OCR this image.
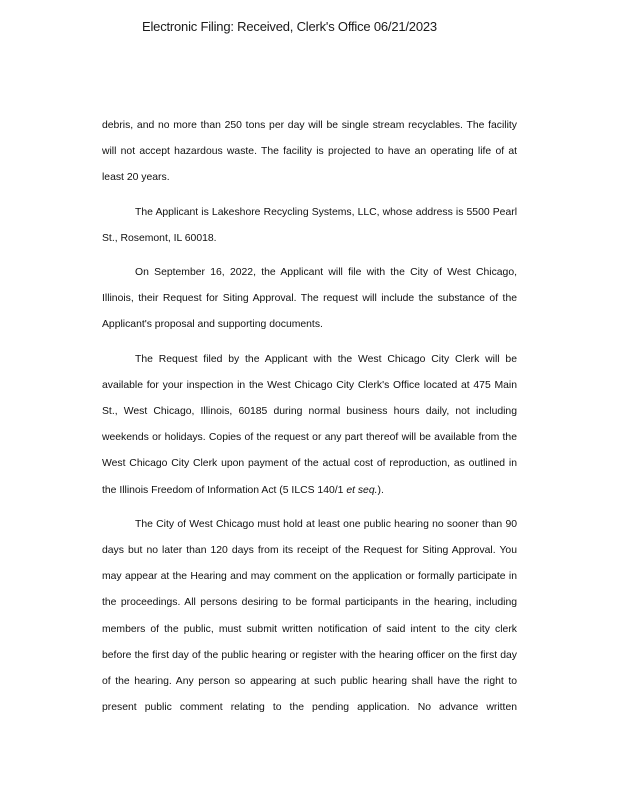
Electronic Filing: Received, Clerk's Office 06/21/2023

debris, and no more than 250 tons per day will be single stream recyclables. The facility will not accept hazardous waste. The facility is projected to have an operating life of at least 20 years.

The Applicant is Lakeshore Recycling Systems, LLC, whose address is 5500 Pearl St., Rosemont, IL 60018.

On September 16, 2022, the Applicant will file with the City of West Chicago, Illinois, their Request for Siting Approval. The request will include the substance of the Applicant's proposal and supporting documents.

The Request filed by the Applicant with the West Chicago City Clerk will be available for your inspection in the West Chicago City Clerk's Office located at 475 Main St., West Chicago, Illinois, 60185 during normal business hours daily, not including weekends or holidays. Copies of the request or any part thereof will be available from the West Chicago City Clerk upon payment of the actual cost of reproduction, as outlined in the Illinois Freedom of Information Act (5 ILCS 140/1 et seq.).

The City of West Chicago must hold at least one public hearing no sooner than 90 days but no later than 120 days from its receipt of the Request for Siting Approval. You may appear at the Hearing and may comment on the application or formally participate in the proceedings. All persons desiring to be formal participants in the hearing, including members of the public, must submit written notification of said intent to the city clerk before the first day of the public hearing or register with the hearing officer on the first day of the hearing. Any person so appearing at such public hearing shall have the right to present public comment relating to the pending application. No advance written
